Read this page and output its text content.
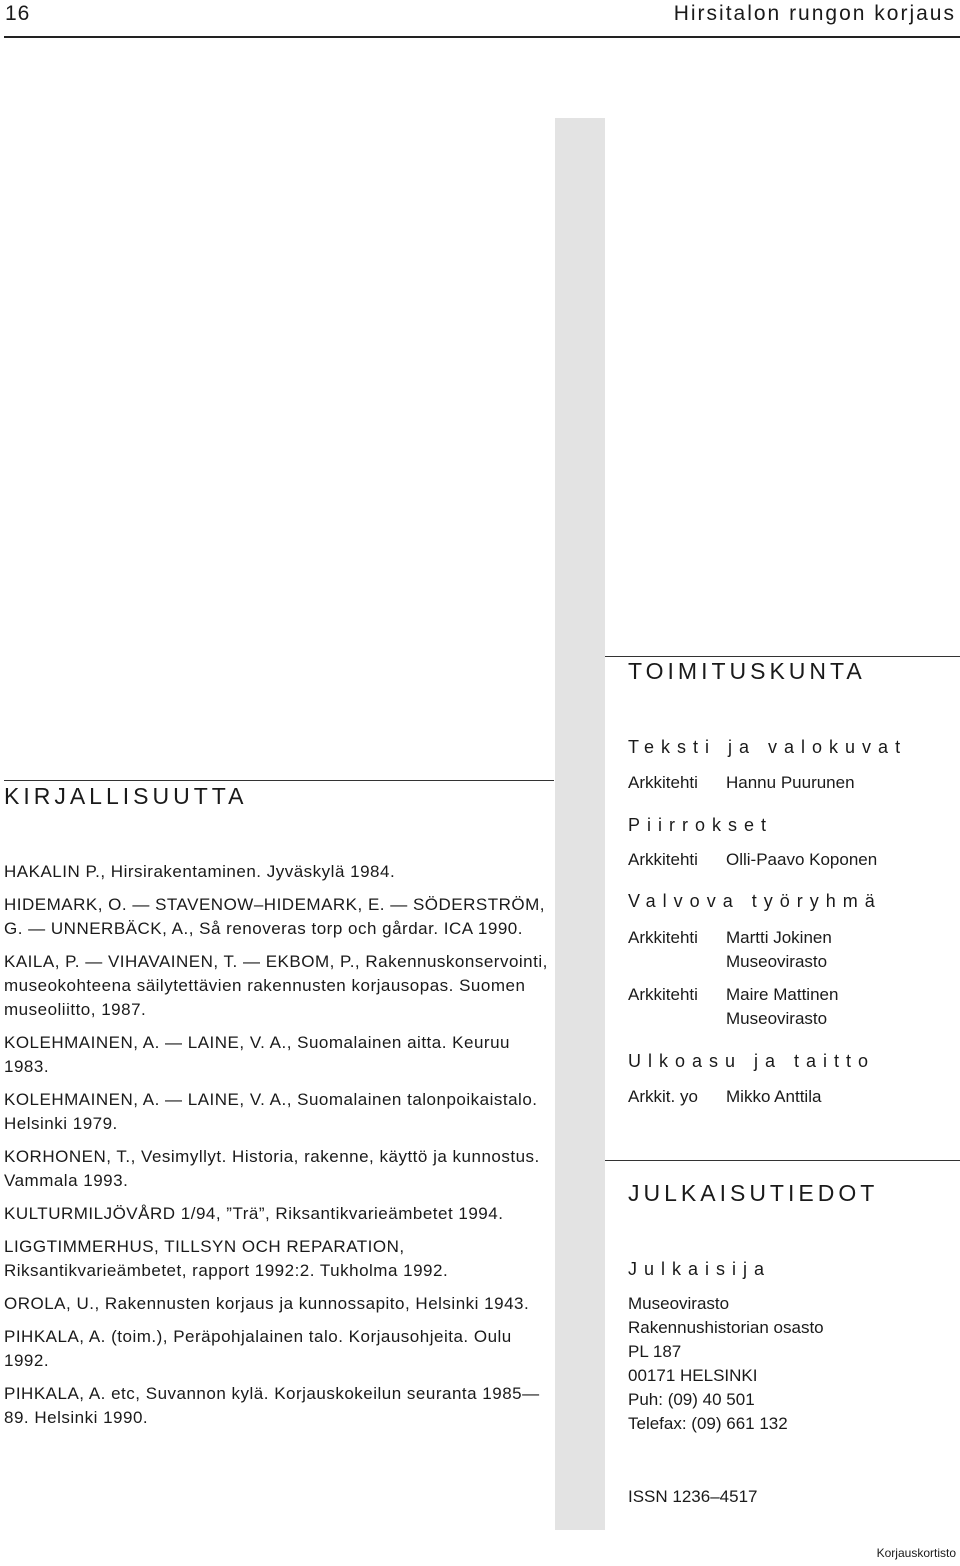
16	Hirsitalon rungon korjaus
TOIMITUSKUNTA
Teksti ja valokuvat
Arkkitehti	Hannu Puurunen
Piirrokset
Arkkitehti	Olli-Paavo Koponen
Valvova työryhmä
Arkkitehti	Martti Jokinen
Museovirasto
Arkkitehti	Maire Mattinen
Museovirasto
Ulkoasu ja taitto
Arkkit. yo	Mikko Anttila
JULKAISUTIEDOT
Julkaisija
Museovirasto
Rakennushistorian osasto
PL 187
00171 HELSINKI
Puh: (09) 40 501
Telefax: (09) 661 132
ISSN 1236–4517
KIRJALLISUUTTA

HAKALIN P., Hirsirakentaminen. Jyväskylä 1984.

HIDEMARK, O. — STAVENOW–HIDEMARK, E. — SÖDERSTRÖM, G. — UNNERBÄCK, A., Så renoveras torp och gårdar. ICA 1990.

KAILA, P. — VIHAVAINEN, T. — EKBOM, P., Rakennuskonservointi, museokohteena säilytettävien rakennusten korjausopas. Suomen museoliitto, 1987.

KOLEHMAINEN, A. — LAINE, V. A., Suomalainen aitta. Keuruu 1983.

KOLEHMAINEN, A. — LAINE, V. A., Suomalainen talonpoikaistalo. Helsinki 1979.

KORHONEN, T., Vesimyllyt. Historia, rakenne, käyttö ja kunnostus. Vammala 1993.

KULTURMILJÖVÅRD 1/94, ”Trä”, Riksantikvarieämbetet 1994.

LIGGTIMMERHUS, TILLSYN OCH REPARATION, Riksantikvarieämbetet, rapport 1992:2. Tukholma 1992.

OROLA, U., Rakennusten korjaus ja kunnossapito, Helsinki 1943.

PIHKALA, A. (toim.), Peräpohjalainen talo. Korjausohjeita. Oulu 1992.

PIHKALA, A. etc, Suvannon kylä. Korjauskokeilun seuranta 1985—89. Helsinki 1990.

Korjauskortisto
